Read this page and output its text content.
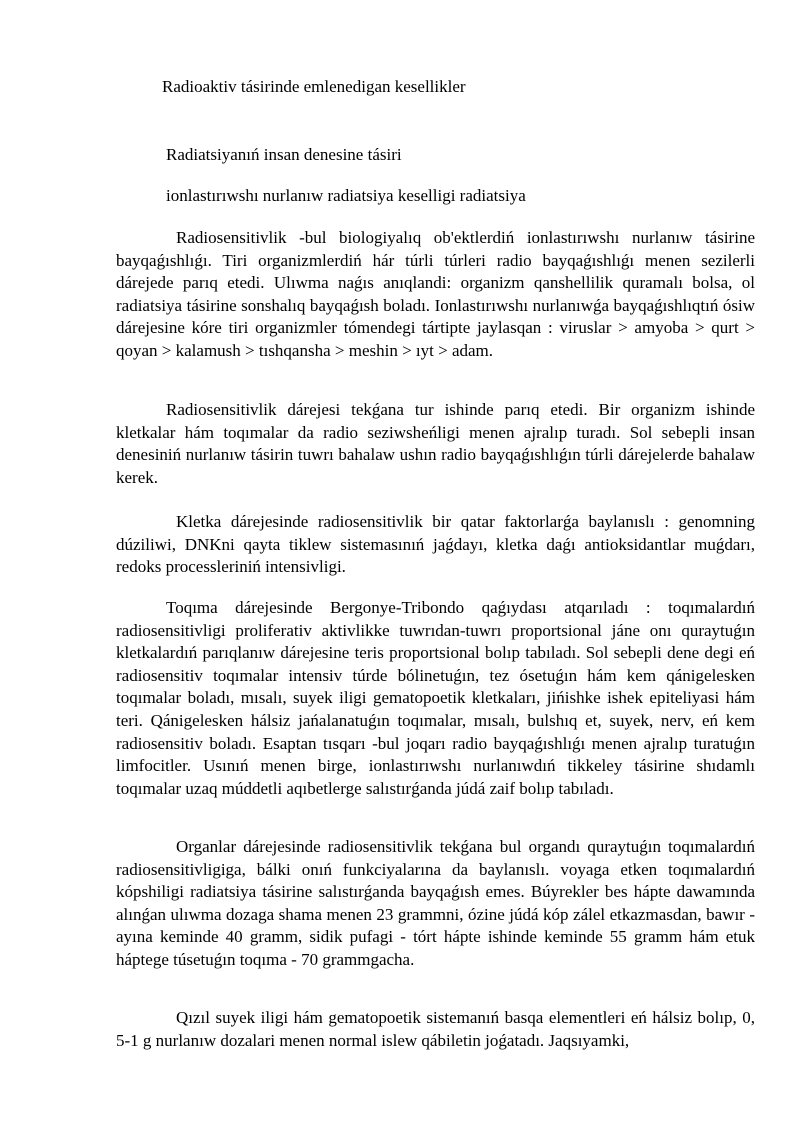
Radioaktiv tásirinde emlenedigan kesellikler
Radiatsiyanıń insan denesine tásiri
ionlastırıwshı nurlanıw radiatsiya keselligi radiatsiya

Radiosensitivlik -bul biologiyalıq ob'ektlerdiń ionlastırıwshı nurlanıw tásirine bayqaǵıshlıǵı. Tiri organizmlerdiń hár túrli túrleri radio bayqaǵıshlıǵı menen sezilerli dárejede parıq etedi. Ulıwma naǵıs anıqlandi: organizm qanshellilik quramalı bolsa, ol radiatsiya tásirine sonshalıq bayqaǵısh boladı. Ionlastırıwshı nurlanıwǵa bayqaǵıshlıqtıń ósiw dárejesine kóre tiri organizmler tómendegi tártipte jaylasqan : viruslar > amyoba > qurt > qoyan > kalamush > tıshqansha > meshin > ıyt > adam.

Radiosensitivlik dárejesi tekǵana tur ishinde parıq etedi. Bir organizm ishinde kletkalar hám toqımalar da radio seziwsheńligi menen ajralıp turadı. Sol sebepli insan denesiniń nurlanıw tásirin tuwrı bahalaw ushın radio bayqaǵıshlıǵın túrli dárejelerde bahalaw kerek.

Kletka dárejesinde radiosensitivlik bir qatar faktorlarǵa baylanıslı : genomning dúziliwi, DNKni qayta tiklew sistemasınıń jaǵdayı, kletka daǵı antioksidantlar muǵdarı, redoks processleriniń intensivligi.

Toqıma dárejesinde Bergonye-Tribondo qaǵıydası atqarıladı : toqımalardıń radiosensitivligi proliferativ aktivlikke tuwrıdan-tuwrı proportsional jáne onı quraytuǵın kletkalardıń parıqlanıw dárejesine teris proportsional bolıp tabıladı. Sol sebepli dene degi eń radiosensitiv toqımalar intensiv túrde bólinetuǵın, tez ósetuǵın hám kem qánigelesken toqımalar boladı, mısalı, suyek iligi gematopoetik kletkaları, jińishke ishek epiteliyasi hám teri. Qánigelesken hálsiz jańalanatuǵın toqımalar, mısalı, bulshıq et, suyek, nerv, eń kem radiosensitiv boladı. Esaptan tısqarı -bul joqarı radio bayqaǵıshlıǵı menen ajralıp turatuǵın limfocitler. Usınıń menen birge, ionlastırıwshı nurlanıwdıń tikkeley tásirine shıdamlı toqımalar uzaq múddetli aqıbetlerge salıstırǵanda júdá zaif bolıp tabıladı.

Organlar dárejesinde radiosensitivlik tekǵana bul organdı quraytuǵın toqımalardıń radiosensitivligiga, bálki onıń funkciyalarına da baylanıslı. voyaga etken toqımalardıń kópshiligi radiatsiya tásirine salıstırǵanda bayqaǵısh emes. Búyrekler bes hápte dawamında alınǵan ulıwma dozaga shama menen 23 grammni, ózine júdá kóp zálel etkazmasdan, bawır - ayına keminde 40 gramm, sidik pufagi - tórt hápte ishinde keminde 55 gramm hám etuk háptege túsetuǵın toqıma - 70 grammgacha.

Qızıl suyek iligi hám gematopoetik sistemanıń basqa elementleri eń hálsiz bolıp, 0, 5-1 g nurlanıw dozalari menen normal islew qábiletin joǵatadı. Jaqsıyamki,
